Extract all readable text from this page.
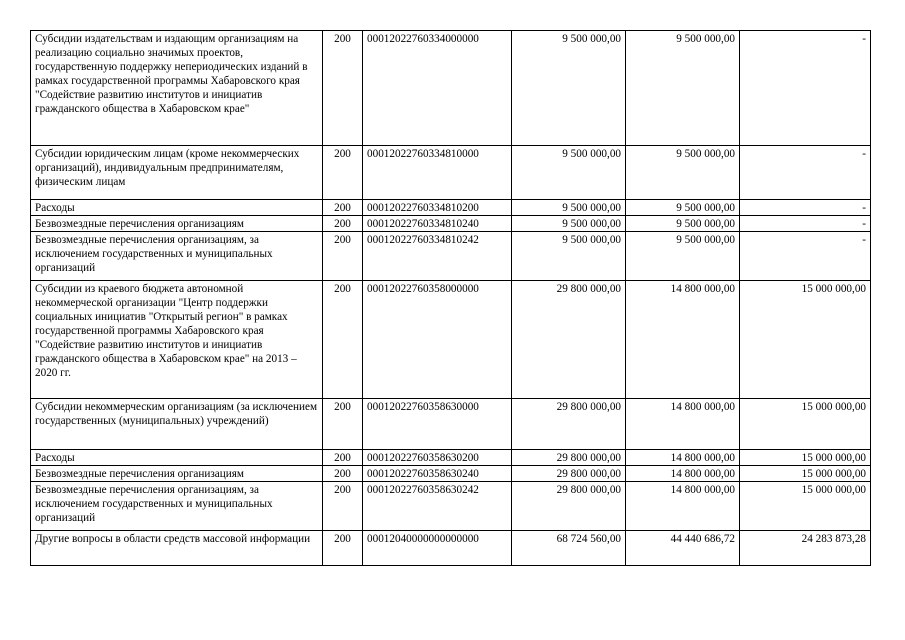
Субсидии издательствам и издающим организациям на реализацию социально значимых проектов, государственную поддержку непериодических изданий в рамках государственной программы Хабаровского края "Содействие развитию институтов и инициатив гражданского общества в Хабаровском крае"	200	00012022760334000000	9 500 000,00	9 500 000,00	-
Субсидии юридическим лицам (кроме некоммерческих организаций), индивидуальным предпринимателям, физическим лицам	200	00012022760334810000	9 500 000,00	9 500 000,00	-
Расходы	200	00012022760334810200	9 500 000,00	9 500 000,00	-
Безвозмездные перечисления организациям	200	00012022760334810240	9 500 000,00	9 500 000,00	-
Безвозмездные перечисления организациям, за исключением государственных и муниципальных организаций	200	00012022760334810242	9 500 000,00	9 500 000,00	-
Субсидии из краевого бюджета автономной некоммерческой организации "Центр поддержки социальных инициатив "Открытый регион" в рамках государственной программы Хабаровского края "Содействие развитию институтов и инициатив гражданского общества в Хабаровском крае" на 2013 – 2020 гг.	200	00012022760358000000	29 800 000,00	14 800 000,00	15 000 000,00
Субсидии некоммерческим организациям (за исключением государственных (муниципальных) учреждений)	200	00012022760358630000	29 800 000,00	14 800 000,00	15 000 000,00
Расходы	200	00012022760358630200	29 800 000,00	14 800 000,00	15 000 000,00
Безвозмездные перечисления организациям	200	00012022760358630240	29 800 000,00	14 800 000,00	15 000 000,00
Безвозмездные перечисления организациям, за исключением государственных и муниципальных организаций	200	00012022760358630242	29 800 000,00	14 800 000,00	15 000 000,00
Другие вопросы в области средств массовой информации	200	00012040000000000000	68 724 560,00	44 440 686,72	24 283 873,28
